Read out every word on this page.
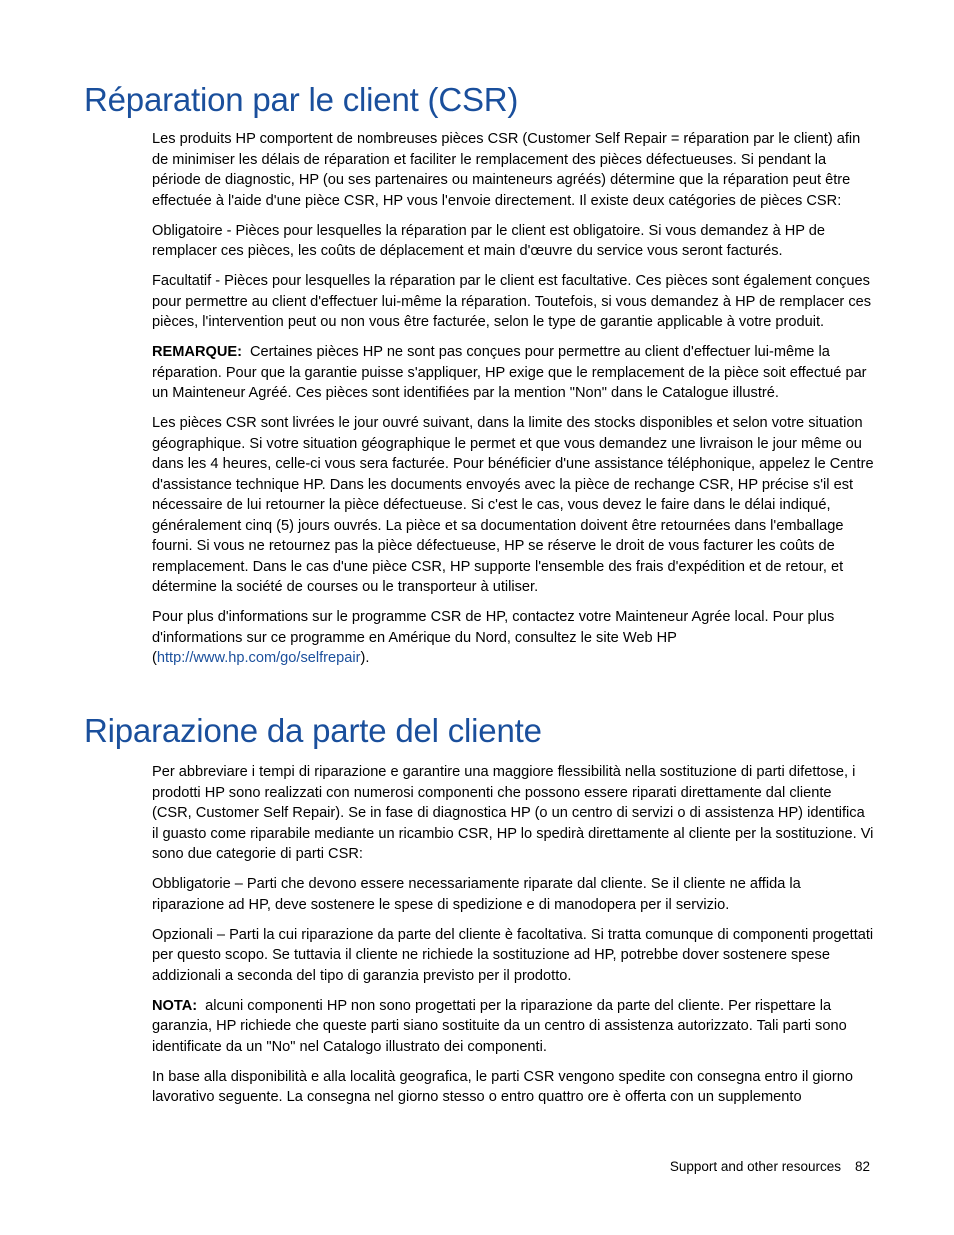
Réparation par le client (CSR)

Les produits HP comportent de nombreuses pièces CSR (Customer Self Repair = réparation par le client) afin de minimiser les délais de réparation et faciliter le remplacement des pièces défectueuses. Si pendant la période de diagnostic, HP (ou ses partenaires ou mainteneurs agréés) détermine que la réparation peut être effectuée à l'aide d'une pièce CSR, HP vous l'envoie directement. Il existe deux catégories de pièces CSR:

Obligatoire - Pièces pour lesquelles la réparation par le client est obligatoire. Si vous demandez à HP de remplacer ces pièces, les coûts de déplacement et main d'œuvre du service vous seront facturés.

Facultatif - Pièces pour lesquelles la réparation par le client est facultative. Ces pièces sont également conçues pour permettre au client d'effectuer lui-même la réparation. Toutefois, si vous demandez à HP de remplacer ces pièces, l'intervention peut ou non vous être facturée, selon le type de garantie applicable à votre produit.

REMARQUE: Certaines pièces HP ne sont pas conçues pour permettre au client d'effectuer lui-même la réparation. Pour que la garantie puisse s'appliquer, HP exige que le remplacement de la pièce soit effectué par un Mainteneur Agréé. Ces pièces sont identifiées par la mention "Non" dans le Catalogue illustré.

Les pièces CSR sont livrées le jour ouvré suivant, dans la limite des stocks disponibles et selon votre situation géographique. Si votre situation géographique le permet et que vous demandez une livraison le jour même ou dans les 4 heures, celle-ci vous sera facturée. Pour bénéficier d'une assistance téléphonique, appelez le Centre d'assistance technique HP. Dans les documents envoyés avec la pièce de rechange CSR, HP précise s'il est nécessaire de lui retourner la pièce défectueuse. Si c'est le cas, vous devez le faire dans le délai indiqué, généralement cinq (5) jours ouvrés. La pièce et sa documentation doivent être retournées dans l'emballage fourni. Si vous ne retournez pas la pièce défectueuse, HP se réserve le droit de vous facturer les coûts de remplacement. Dans le cas d'une pièce CSR, HP supporte l'ensemble des frais d'expédition et de retour, et détermine la société de courses ou le transporteur à utiliser.

Pour plus d'informations sur le programme CSR de HP, contactez votre Mainteneur Agrée local. Pour plus d'informations sur ce programme en Amérique du Nord, consultez le site Web HP (http://www.hp.com/go/selfrepair).

Riparazione da parte del cliente

Per abbreviare i tempi di riparazione e garantire una maggiore flessibilità nella sostituzione di parti difettose, i prodotti HP sono realizzati con numerosi componenti che possono essere riparati direttamente dal cliente (CSR, Customer Self Repair). Se in fase di diagnostica HP (o un centro di servizi o di assistenza HP) identifica il guasto come riparabile mediante un ricambio CSR, HP lo spedirà direttamente al cliente per la sostituzione. Vi sono due categorie di parti CSR:

Obbligatorie – Parti che devono essere necessariamente riparate dal cliente. Se il cliente ne affida la riparazione ad HP, deve sostenere le spese di spedizione e di manodopera per il servizio.

Opzionali – Parti la cui riparazione da parte del cliente è facoltativa. Si tratta comunque di componenti progettati per questo scopo. Se tuttavia il cliente ne richiede la sostituzione ad HP, potrebbe dover sostenere spese addizionali a seconda del tipo di garanzia previsto per il prodotto.

NOTA: alcuni componenti HP non sono progettati per la riparazione da parte del cliente. Per rispettare la garanzia, HP richiede che queste parti siano sostituite da un centro di assistenza autorizzato. Tali parti sono identificate da un "No" nel Catalogo illustrato dei componenti.

In base alla disponibilità e alla località geografica, le parti CSR vengono spedite con consegna entro il giorno lavorativo seguente. La consegna nel giorno stesso o entro quattro ore è offerta con un supplemento

Support and other resources 82
